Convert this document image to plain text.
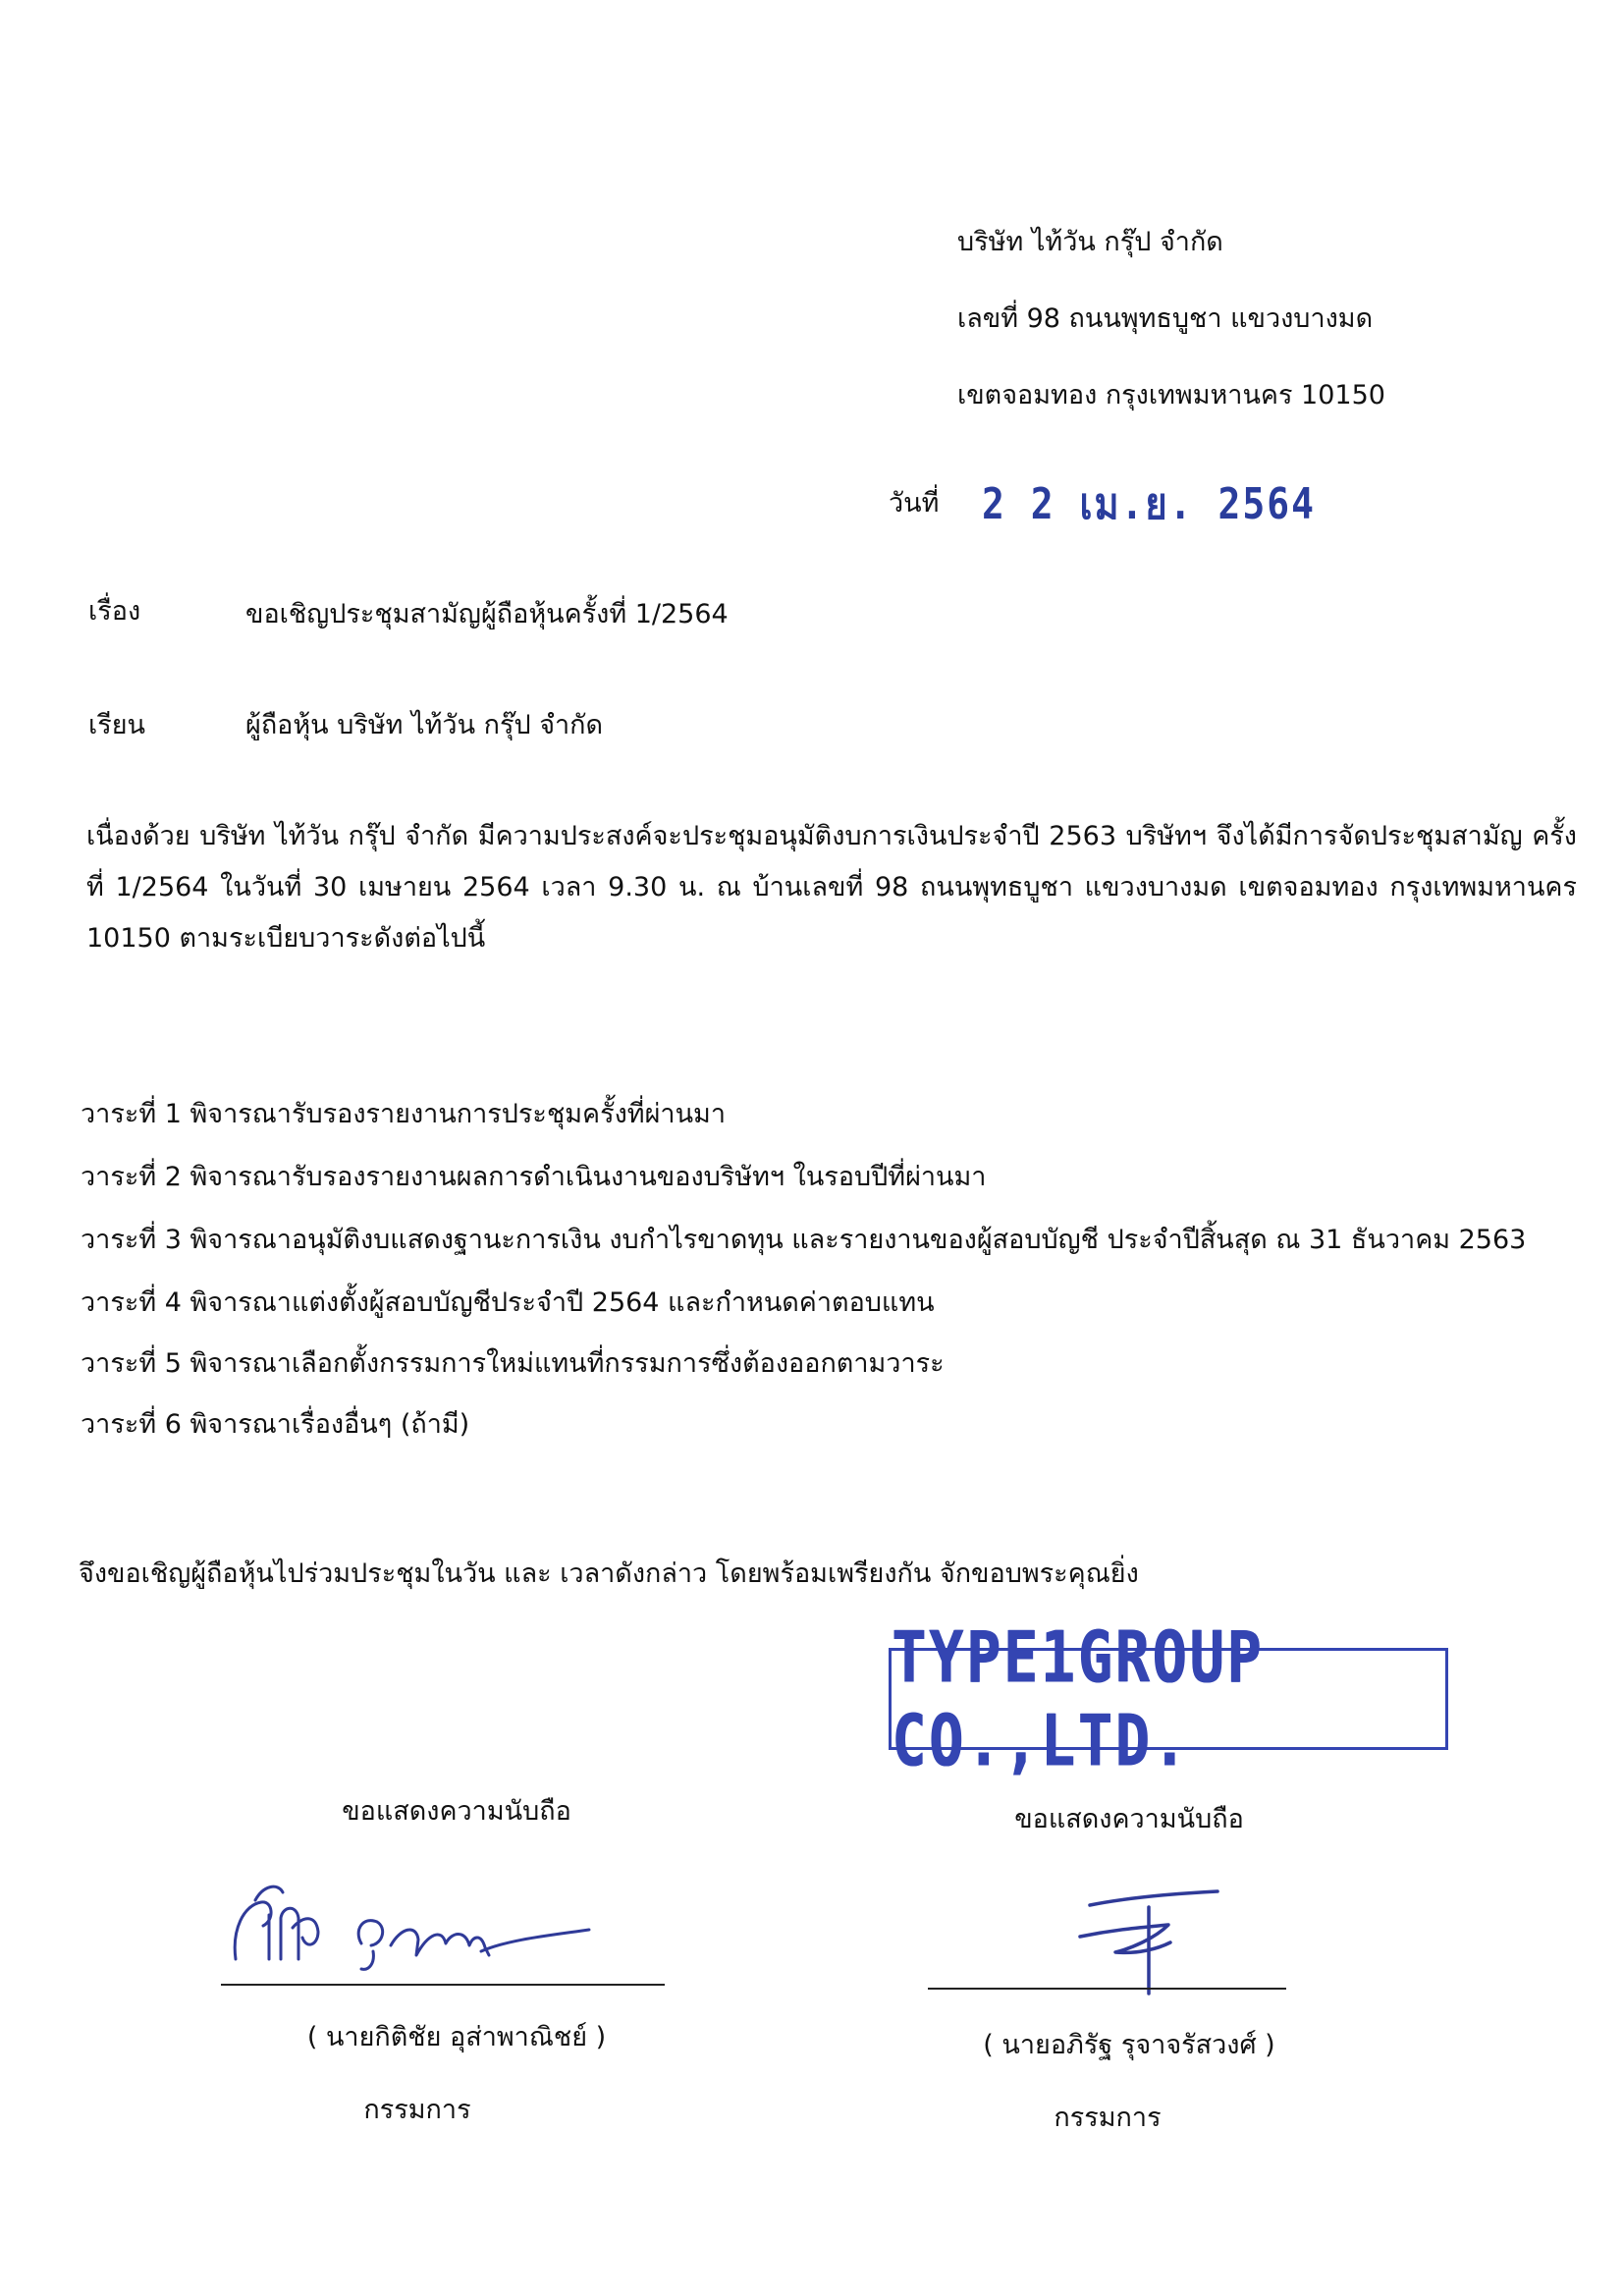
บริษัท ไท้วัน กรุ๊ป จำกัด
เลขที่ 98 ถนนพุทธบูชา แขวงบางมด
เขตจอมทอง กรุงเทพมหานคร 10150
วันที่ 2 2 เม.ย. 2564
เรื่อง	ขอเชิญประชุมสามัญผู้ถือหุ้นครั้งที่ 1/2564
เรียน	ผู้ถือหุ้น บริษัท ไท้วัน กรุ๊ป จำกัด
เนื่องด้วย บริษัท ไท้วัน กรุ๊ป จำกัด มีความประสงค์จะประชุมอนุมัติงบการเงินประจำปี 2563 บริษัทฯ จึงได้มีการจัดประชุมสามัญ ครั้งที่ 1/2564 ในวันที่ 30 เมษายน 2564 เวลา 9.30 น. ณ บ้านเลขที่ 98 ถนนพุทธบูชา แขวงบางมด เขตจอมทอง กรุงเทพมหานคร 10150 ตามระเบียบวาระดังต่อไปนี้
วาระที่ 1 พิจารณารับรองรายงานการประชุมครั้งที่ผ่านมา
วาระที่ 2 พิจารณารับรองรายงานผลการดำเนินงานของบริษัทฯ ในรอบปีที่ผ่านมา
วาระที่ 3 พิจารณาอนุมัติงบแสดงฐานะการเงิน งบกำไรขาดทุน และรายงานของผู้สอบบัญชี ประจำปีสิ้นสุด ณ 31 ธันวาคม 2563
วาระที่ 4 พิจารณาแต่งตั้งผู้สอบบัญชีประจำปี 2564 และกำหนดค่าตอบแทน
วาระที่ 5 พิจารณาเลือกตั้งกรรมการใหม่แทนที่กรรมการซึ่งต้องออกตามวาระ
วาระที่ 6 พิจารณาเรื่องอื่นๆ (ถ้ามี)
จึงขอเชิญผู้ถือหุ้นไปร่วมประชุมในวัน และ เวลาดังกล่าว โดยพร้อมเพรียงกัน จักขอบพระคุณยิ่ง
TYPE1GROUP CO.,LTD.
ขอแสดงความนับถือ
( นายกิติชัย อุส่าพาณิชย์ )
กรรมการ
ขอแสดงความนับถือ
( นายอภิรัฐ รุจาจรัสวงศ์ )
กรรมการ
